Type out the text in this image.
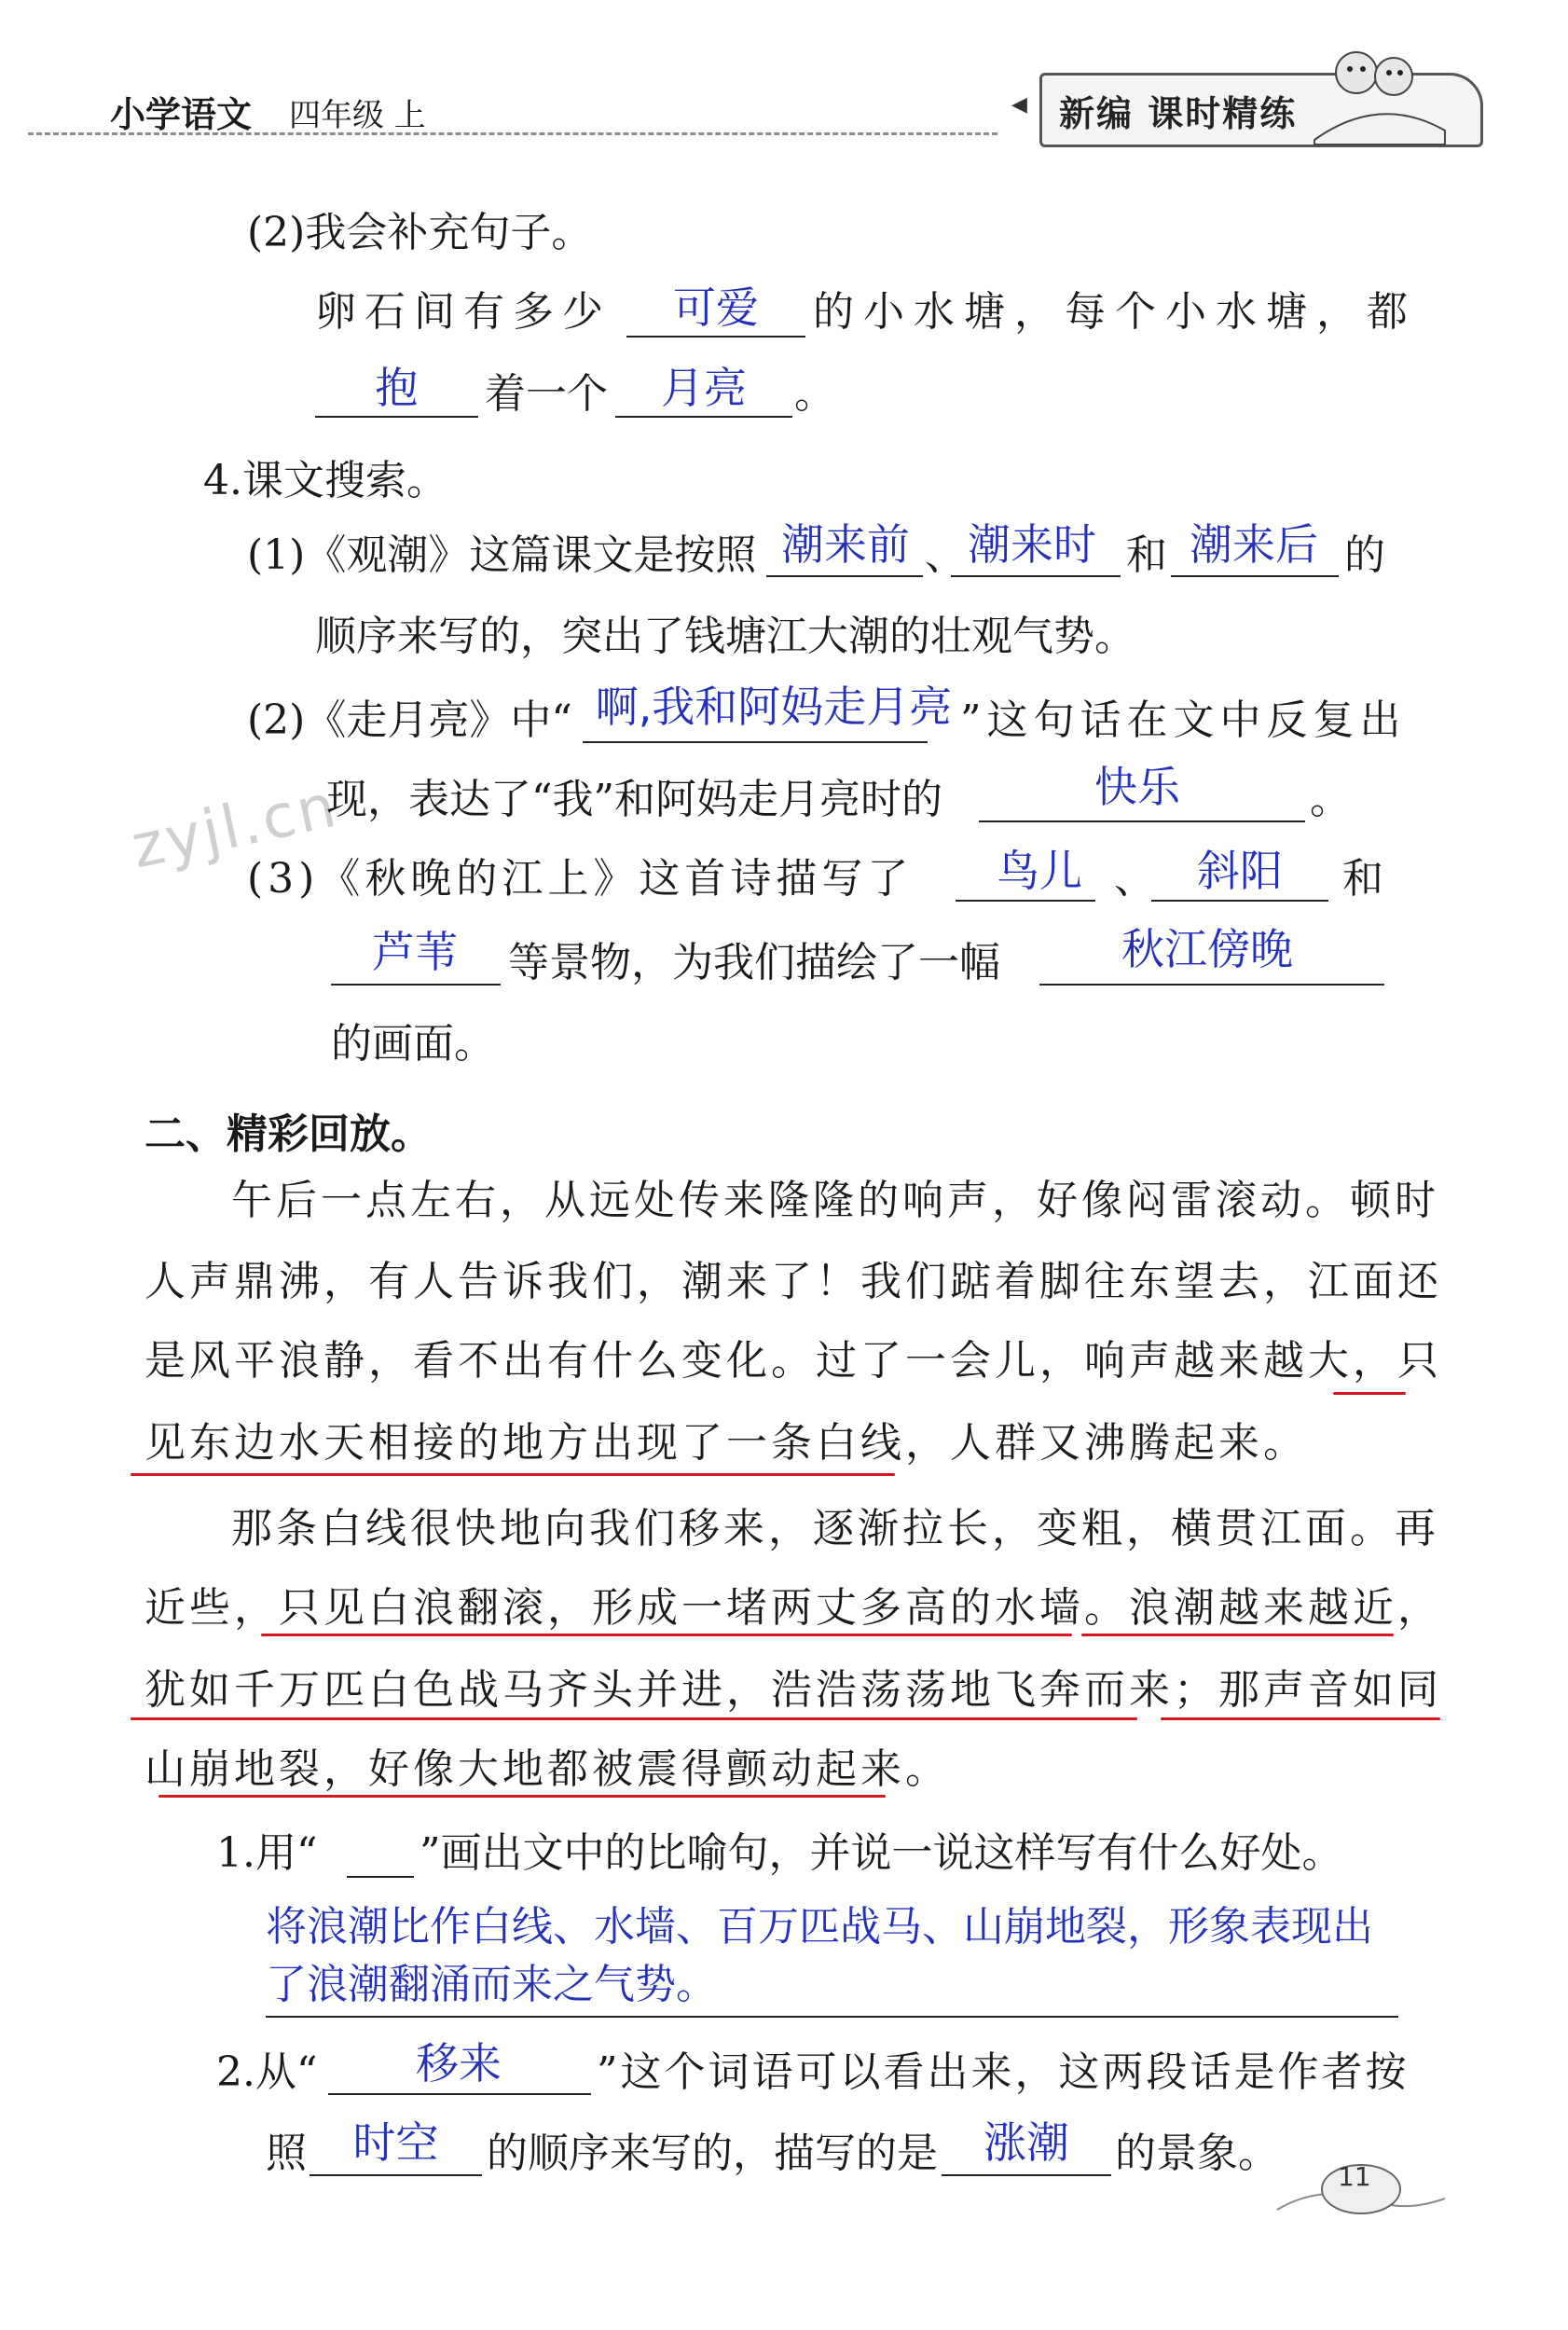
小学语文 四年级 上	◀ 新编 课时精练
zyjl.cn
(2)我会补充句子。
卵石间有多少	可爱	的小水塘，每个小水塘，都
抱	着一个	月亮	。
4.课文搜索。
(1)《观潮》这篇课文是按照 潮来前 、 潮来时 和 潮来后 的
顺序来写的，突出了钱塘江大潮的壮观气势。
(2)《走月亮》中“ 啊,我和阿妈走月亮 ”这句话在文中反复出
现，表达了“我”和阿妈走月亮时的	快乐	。
(3)《秋晚的江上》这首诗描写了	鸟儿 、 斜阳	和
芦苇	等景物，为我们描绘了一幅	秋江傍晚
的画面。
二、精彩回放。
午后一点左右，从远处传来隆隆的响声，好像闷雷滚动。顿时
人声鼎沸，有人告诉我们，潮来了！我们踮着脚往东望去，江面还
是风平浪静，看不出有什么变化。过了一会儿，响声越来越大，只
见东边水天相接的地方出现了一条白线，人群又沸腾起来。
那条白线很快地向我们移来，逐渐拉长，变粗，横贯江面。再
近些，只见白浪翻滚，形成一堵两丈多高的水墙。浪潮越来越近，
犹如千万匹白色战马齐头并进，浩浩荡荡地飞奔而来；那声音如同
山崩地裂，好像大地都被震得颤动起来。
1.用“ ”画出文中的比喻句，并说一说这样写有什么好处。
将浪潮比作白线、水墙、百万匹战马、山崩地裂，形象表现出
了浪潮翻涌而来之气势。
2.从“	移来	”这个词语可以看出来，这两段话是作者按
照	时空	的顺序来写的，描写的是	涨潮	的景象。 11
